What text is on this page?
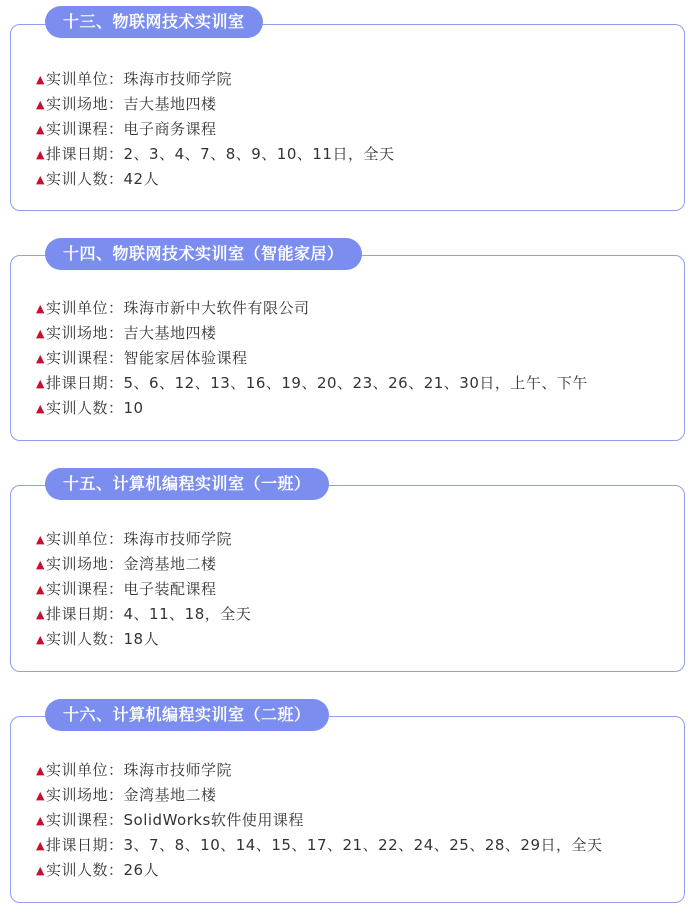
十三、物联网技术实训室
▲实训单位：珠海市技师学院
▲实训场地：吉大基地四楼
▲实训课程：电子商务课程
▲排课日期：2、3、4、7、8、9、10、11日，全天
▲实训人数：42人
十四、物联网技术实训室（智能家居）
▲实训单位：珠海市新中大软件有限公司
▲实训场地：吉大基地四楼
▲实训课程：智能家居体验课程
▲排课日期：5、6、12、13、16、19、20、23、26、21、30日，上午、下午
▲实训人数：10
十五、计算机编程实训室（一班）
▲实训单位：珠海市技师学院
▲实训场地：金湾基地二楼
▲实训课程：电子装配课程
▲排课日期：4、11、18，全天
▲实训人数：18人
十六、计算机编程实训室（二班）
▲实训单位：珠海市技师学院
▲实训场地：金湾基地二楼
▲实训课程：SolidWorks软件使用课程
▲排课日期：3、7、8、10、14、15、17、21、22、24、25、28、29日，全天
▲实训人数：26人
